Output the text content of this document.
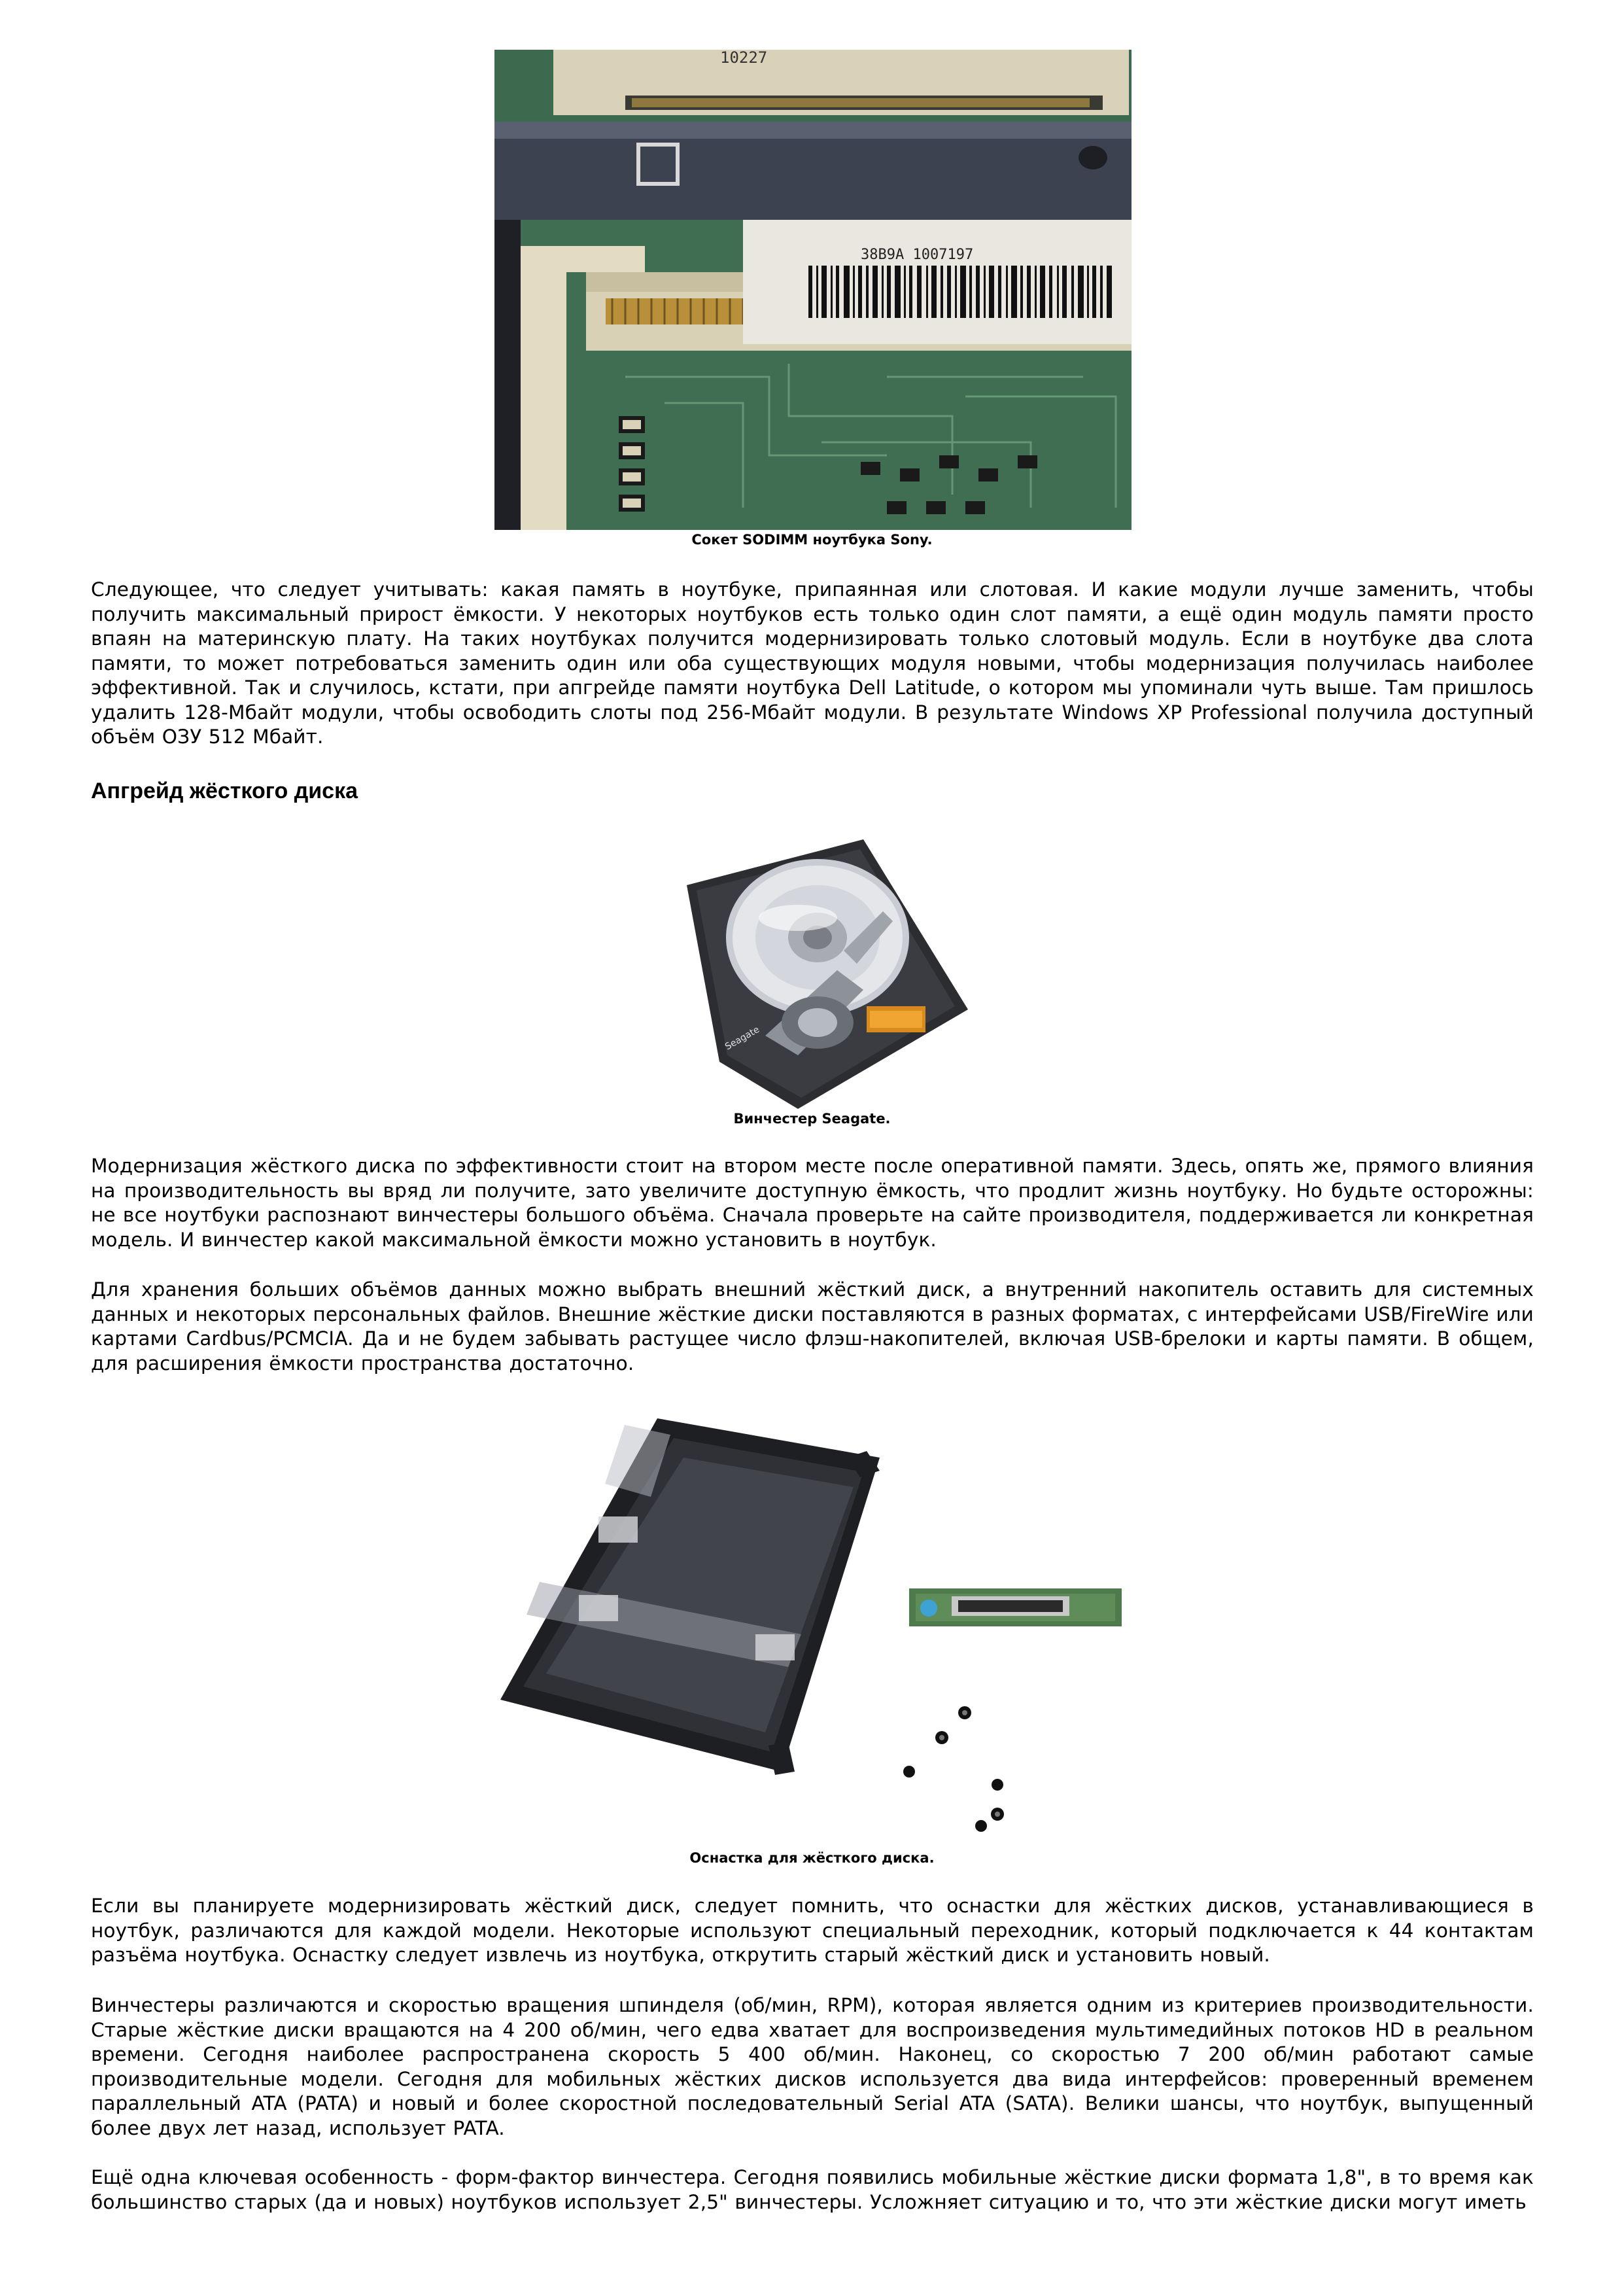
10227
38B9A 1007197
Сокет SODIMM ноутбука Sony.
Следующее, что следует учитывать: какая память в ноутбуке, припаянная или слотовая. И какие модули лучше заменить, чтобы получить максимальный прирост ёмкости. У некоторых ноутбуков есть только один слот памяти, а ещё один модуль памяти просто впаян на материнскую плату. На таких ноутбуках получится модернизировать только слотовый модуль. Если в ноутбуке два слота памяти, то может потребоваться заменить один или оба существующих модуля новыми, чтобы модернизация получилась наиболее эффективной. Так и случилось, кстати, при апгрейде памяти ноутбука Dell Latitude, о котором мы упоминали чуть выше. Там пришлось удалить 128-Мбайт модули, чтобы освободить слоты под 256-Мбайт модули. В результате Windows XP Professional получила доступный объём ОЗУ 512 Мбайт.
Апгрейд жёсткого диска
Seagate
Винчестер Seagate.
Модернизация жёсткого диска по эффективности стоит на втором месте после оперативной памяти. Здесь, опять же, прямого влияния на производительность вы вряд ли получите, зато увеличите доступную ёмкость, что продлит жизнь ноутбуку. Но будьте осторожны: не все ноутбуки распознают винчестеры большого объёма. Сначала проверьте на сайте производителя, поддерживается ли конкретная модель. И винчестер какой максимальной ёмкости можно установить в ноутбук.
Для хранения больших объёмов данных можно выбрать внешний жёсткий диск, а внутренний накопитель оставить для системных данных и некоторых персональных файлов. Внешние жёсткие диски поставляются в разных форматах, с интерфейсами USB/FireWire или картами Cardbus/PCMCIA. Да и не будем забывать растущее число флэш-накопителей, включая USB-брелоки и карты памяти. В общем, для расширения ёмкости пространства достаточно.
Оснастка для жёсткого диска.
Если вы планируете модернизировать жёсткий диск, следует помнить, что оснастки для жёстких дисков, устанавливающиеся в ноутбук, различаются для каждой модели. Некоторые используют специальный переходник, который подключается к 44 контактам разъёма ноутбука. Оснастку следует извлечь из ноутбука, открутить старый жёсткий диск и установить новый.
Винчестеры различаются и скоростью вращения шпинделя (об/мин, RPM), которая является одним из критериев производительности. Старые жёсткие диски вращаются на 4 200 об/мин, чего едва хватает для воспроизведения мультимедийных потоков HD в реальном времени. Сегодня наиболее распространена скорость 5 400 об/мин. Наконец, со скоростью 7 200 об/мин работают самые производительные модели. Сегодня для мобильных жёстких дисков используется два вида интерфейсов: проверенный временем параллельный ATA (PATA) и новый и более скоростной последовательный Serial ATA (SATA). Велики шансы, что ноутбук, выпущенный более двух лет назад, использует PATA.
Ещё одна ключевая особенность - форм-фактор винчестера. Сегодня появились мобильные жёсткие диски формата 1,8", в то время как большинство старых (да и новых) ноутбуков использует 2,5" винчестеры. Усложняет ситуацию и то, что эти жёсткие диски могут иметь
